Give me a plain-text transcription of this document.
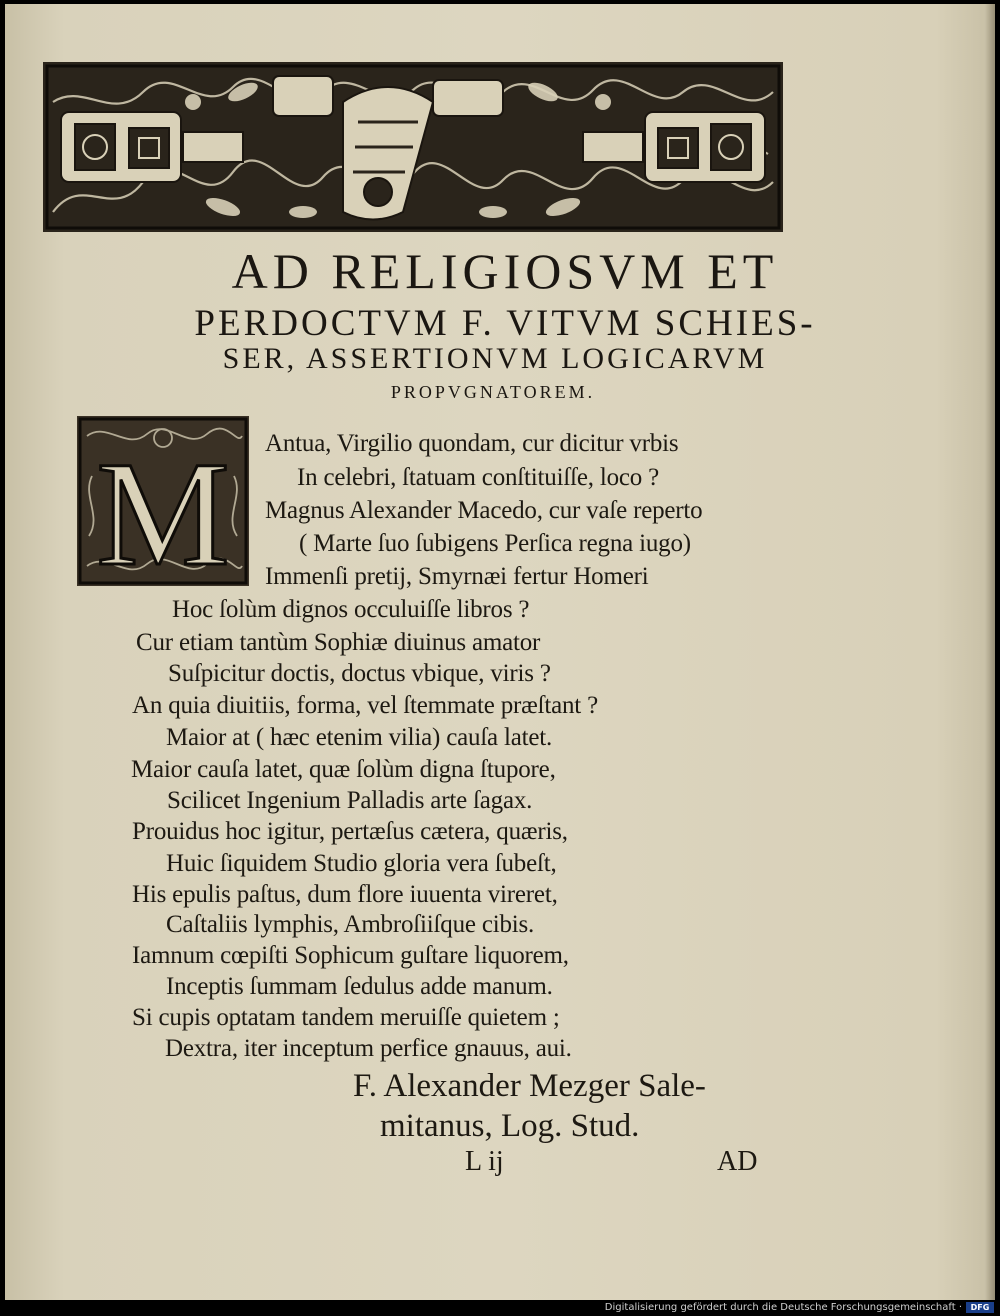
AD RELIGIOSVM ET
PERDOCTVM F. VITVM SCHIES-
SER, ASSERTIONVM LOGICARVM
PROPVGNATOREM.
M Antua, Virgilio quondam, cur dicitur vrbis
In celebri, ſtatuam conſtituiſſe, loco ?
Magnus Alexander Macedo, cur vaſe reperto
( Marte ſuo ſubigens Perſica regna iugo)
Immenſi pretij, Smyrnæi fertur Homeri
Hoc ſolùm dignos occuluiſſe libros ?
Cur etiam tantùm Sophiæ diuinus amator
Suſpicitur doctis, doctus vbique, viris ?
An quia diuitiis, forma, vel ſtemmate præſtant ?
Maior at ( hæc etenim vilia) cauſa latet.
Maior cauſa latet, quæ ſolùm digna ſtupore,
Scilicet Ingenium Palladis arte ſagax.
Prouidus hoc igitur, pertæſus cætera, quæris,
Huic ſiquidem Studio gloria vera ſubeſt,
His epulis paſtus, dum flore iuuenta vireret,
Caſtaliis lymphis, Ambroſiiſque cibis.
Iamnum cœpiſti Sophicum guſtare liquorem,
Inceptis ſummam ſedulus adde manum.
Si cupis optatam tandem meruiſſe quietem ;
Dextra, iter inceptum perfice gnauus, aui.
F. Alexander Mezger Sale-
mitanus, Log. Stud.
L ij	AD
Digitalisierung gefördert durch die Deutsche Forschungsgemeinschaft ·	DFG
